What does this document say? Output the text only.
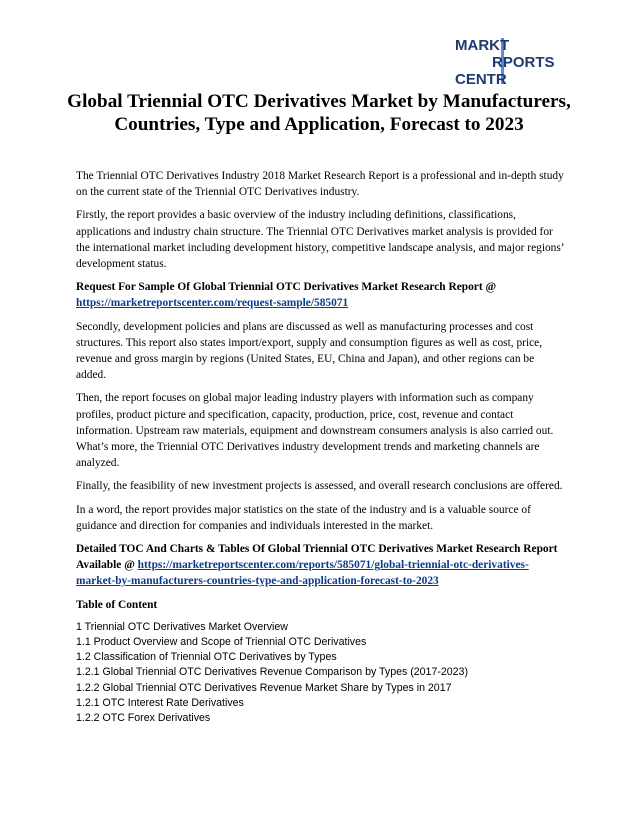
MARKT
RPORTS
CENTR
Global Triennial OTC Derivatives Market by Manufacturers, Countries, Type and Application, Forecast to 2023

The Triennial OTC Derivatives Industry 2018 Market Research Report is a professional and in-depth study on the current state of the Triennial OTC Derivatives industry.

Firstly, the report provides a basic overview of the industry including definitions, classifications, applications and industry chain structure. The Triennial OTC Derivatives market analysis is provided for the international market including development history, competitive landscape analysis, and major regions’ development status.

Request For Sample Of Global Triennial OTC Derivatives Market Research Report @ https://marketreportscenter.com/request-sample/585071

Secondly, development policies and plans are discussed as well as manufacturing processes and cost structures. This report also states import/export, supply and consumption figures as well as cost, price, revenue and gross margin by regions (United States, EU, China and Japan), and other regions can be added.

Then, the report focuses on global major leading industry players with information such as company profiles, product picture and specification, capacity, production, price, cost, revenue and contact information. Upstream raw materials, equipment and downstream consumers analysis is also carried out. What’s more, the Triennial OTC Derivatives industry development trends and marketing channels are analyzed.

Finally, the feasibility of new investment projects is assessed, and overall research conclusions are offered.

In a word, the report provides major statistics on the state of the industry and is a valuable source of guidance and direction for companies and individuals interested in the market.

Detailed TOC And Charts & Tables Of Global Triennial OTC Derivatives Market Research Report Available @ https://marketreportscenter.com/reports/585071/global-triennial-otc-derivatives-market-by-manufacturers-countries-type-and-application-forecast-to-2023

Table of Content

1 Triennial OTC Derivatives Market Overview
1.1 Product Overview and Scope of Triennial OTC Derivatives
1.2 Classification of Triennial OTC Derivatives by Types
1.2.1 Global Triennial OTC Derivatives Revenue Comparison by Types (2017-2023)
1.2.2 Global Triennial OTC Derivatives Revenue Market Share by Types in 2017
1.2.1 OTC Interest Rate Derivatives
1.2.2 OTC Forex Derivatives
